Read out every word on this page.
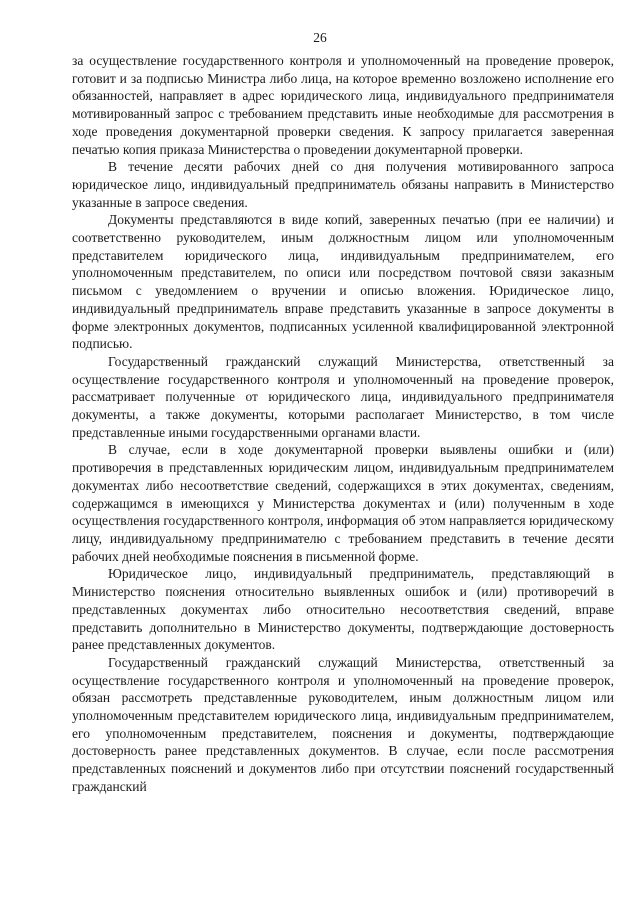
26

за осуществление государственного контроля и уполномоченный на проведение проверок, готовит и за подписью Министра либо лица, на которое временно возложено исполнение его обязанностей, направляет в адрес юридического лица, индивидуального предпринимателя мотивированный запрос с требованием представить иные необходимые для рассмотрения в ходе проведения документарной проверки сведения. К запросу прилагается заверенная печатью копия приказа Министерства о проведении документарной проверки.

В течение десяти рабочих дней со дня получения мотивированного запроса юридическое лицо, индивидуальный предприниматель обязаны направить в Министерство указанные в запросе сведения.

Документы представляются в виде копий, заверенных печатью (при ее наличии) и соответственно руководителем, иным должностным лицом или уполномоченным представителем юридического лица, индивидуальным предпринимателем, его уполномоченным представителем, по описи или посредством почтовой связи заказным письмом с уведомлением о вручении и описью вложения. Юридическое лицо, индивидуальный предприниматель вправе представить указанные в запросе документы в форме электронных документов, подписанных усиленной квалифицированной электронной подписью.

Государственный гражданский служащий Министерства, ответственный за осуществление государственного контроля и уполномоченный на проведение проверок, рассматривает полученные от юридического лица, индивидуального предпринимателя документы, а также документы, которыми располагает Министерство, в том числе представленные иными государственными органами власти.

В случае, если в ходе документарной проверки выявлены ошибки и (или) противоречия в представленных юридическим лицом, индивидуальным предпринимателем документах либо несоответствие сведений, содержащихся в этих документах, сведениям, содержащимся в имеющихся у Министерства документах и (или) полученным в ходе осуществления государственного контроля, информация об этом направляется юридическому лицу, индивидуальному предпринимателю с требованием представить в течение десяти рабочих дней необходимые пояснения в письменной форме.

Юридическое лицо, индивидуальный предприниматель, представляющий в Министерство пояснения относительно выявленных ошибок и (или) противоречий в представленных документах либо относительно несоответствия сведений, вправе представить дополнительно в Министерство документы, подтверждающие достоверность ранее представленных документов.

Государственный гражданский служащий Министерства, ответственный за осуществление государственного контроля и уполномоченный на проведение проверок, обязан рассмотреть представленные руководителем, иным должностным лицом или уполномоченным представителем юридического лица, индивидуальным предпринимателем, его уполномоченным представителем, пояснения и документы, подтверждающие достоверность ранее представленных документов. В случае, если после рассмотрения представленных пояснений и документов либо при отсутствии пояснений государственный гражданский
